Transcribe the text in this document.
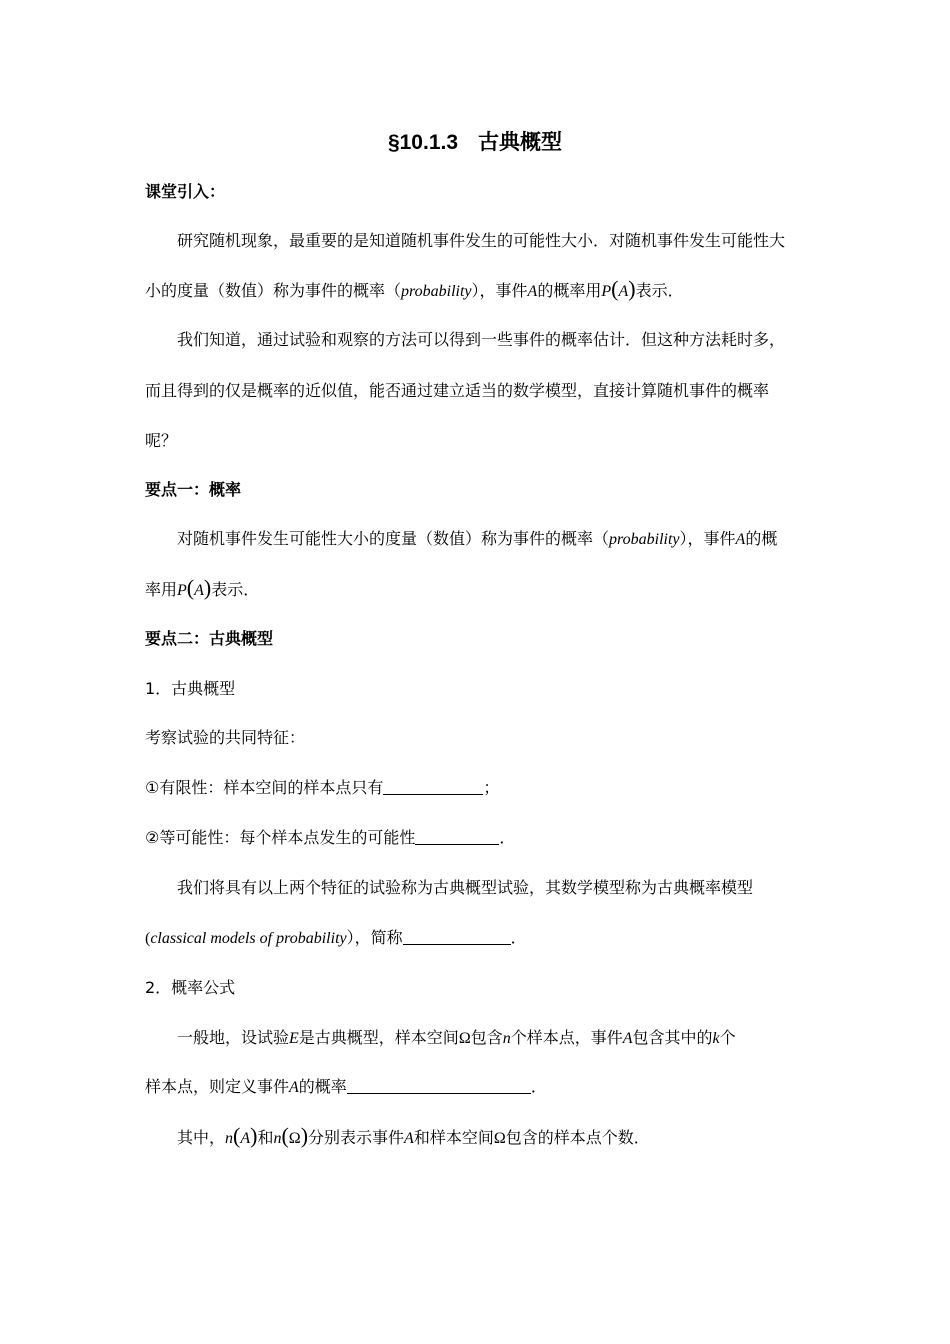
§10.1.3 古典概型
课堂引入：
研究随机现象，最重要的是知道随机事件发生的可能性大小．对随机事件发生可能性大
小的度量（数值）称为事件的概率（probability），事件A的概率用P(A)表示．
我们知道，通过试验和观察的方法可以得到一些事件的概率估计．但这种方法耗时多，
而且得到的仅是概率的近似值，能否通过建立适当的数学模型，直接计算随机事件的概率
呢？
要点一：概率
对随机事件发生可能性大小的度量（数值）称为事件的概率（probability），事件A的概
率用P(A)表示．
要点二：古典概型
1．古典概型
考察试验的共同特征：
①有限性：样本空间的样本点只有	；
②等可能性：每个样本点发生的可能性	．
我们将具有以上两个特征的试验称为古典概型试验，其数学模型称为古典概率模型
(classical models of probability），简称	．
2．概率公式
一般地，设试验E是古典概型，样本空间Ω包含n个样本点，事件A包含其中的k个
样本点，则定义事件A的概率	．
其中，n(A)和n(Ω)分别表示事件A和样本空间Ω包含的样本点个数．
